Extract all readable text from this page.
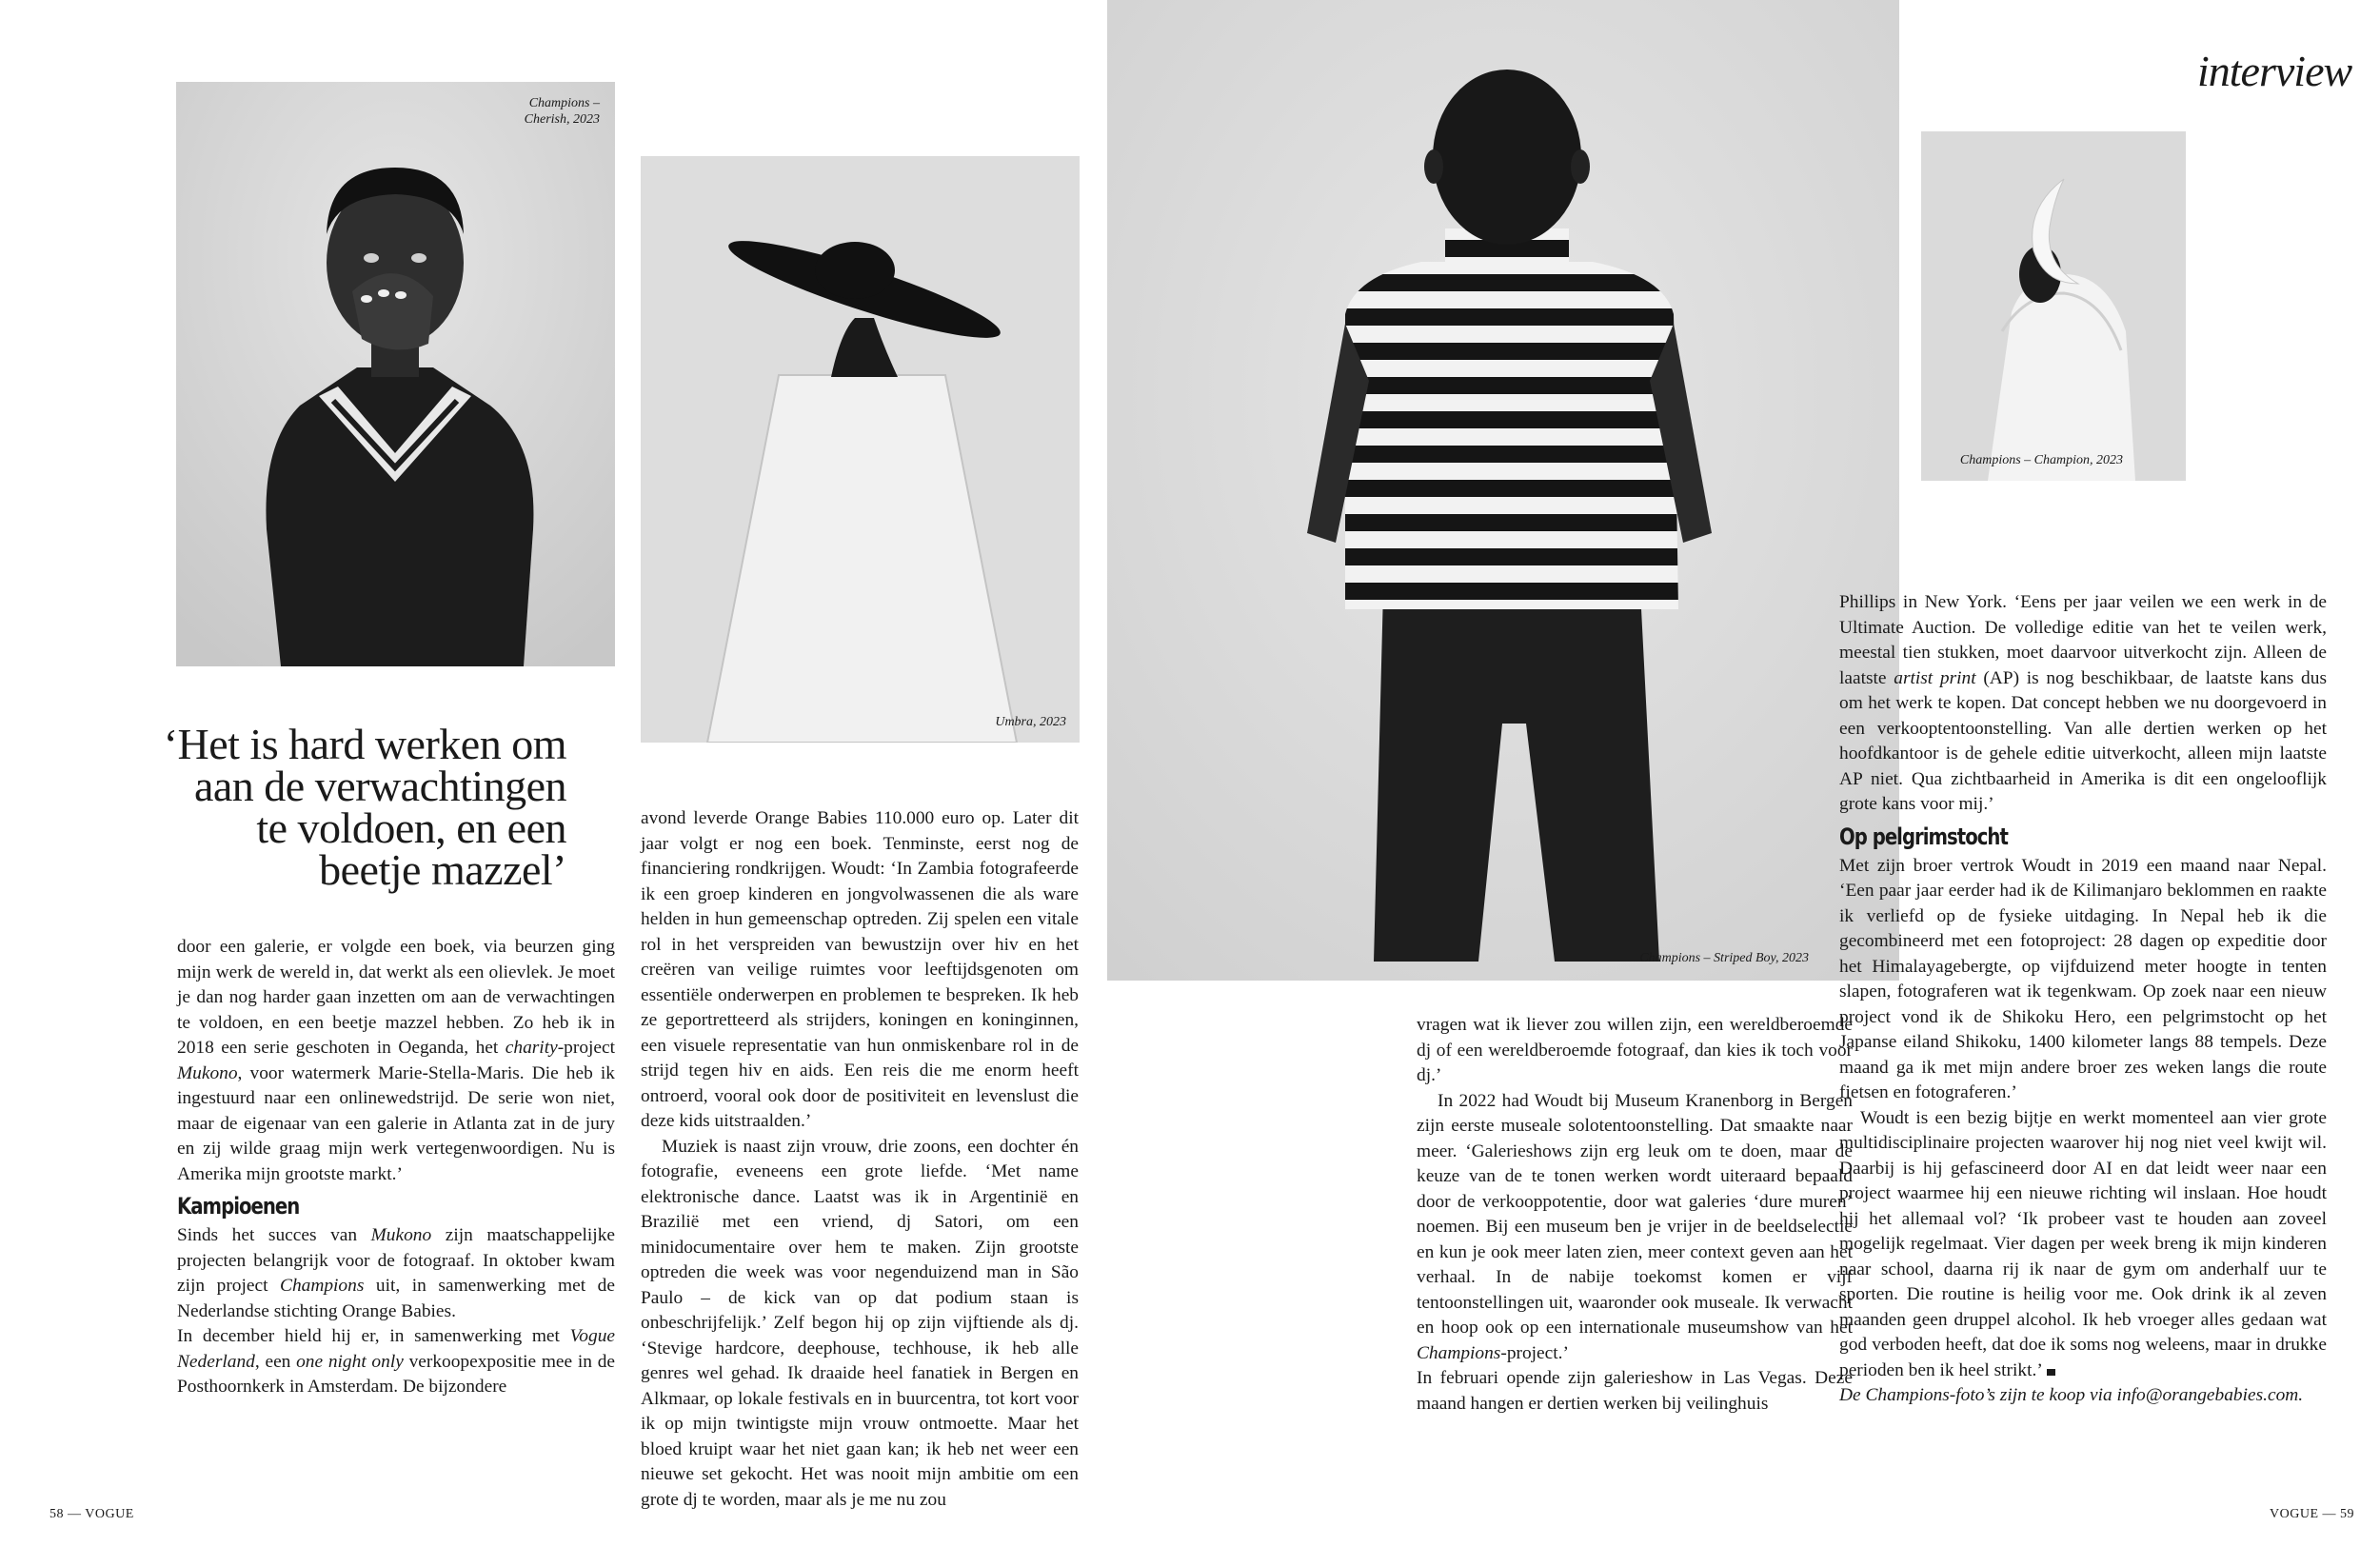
interview
Champions –
Cherish, 2023
Umbra, 2023
Champions – Striped Boy, 2023
Champions – Champion, 2023
‘Het is hard werken om
aan de verwachtingen
te voldoen, en een
beetje mazzel’

door een galerie, er volgde een boek, via beurzen ging mijn werk de wereld in, dat werkt als een olievlek. Je moet je dan nog harder gaan inzetten om aan de verwachtingen te voldoen, en een beetje mazzel hebben. Zo heb ik in 2018 een serie geschoten in Oeganda, het charity-project Mukono, voor watermerk Marie-Stella-Maris. Die heb ik ingestuurd naar een onlinewedstrijd. De serie won niet, maar de eigenaar van een galerie in Atlanta zat in de jury en zij wilde graag mijn werk vertegenwoordigen. Nu is Amerika mijn grootste markt.’

Kampioenen

Sinds het succes van Mukono zijn maatschappelijke projecten belangrijk voor de fotograaf. In oktober kwam zijn project Champions uit, in samenwerking met de Nederlandse stichting Orange Babies.

In december hield hij er, in samenwerking met Vogue Nederland, een one night only verkoopexpositie mee in de Posthoornkerk in Amsterdam. De bijzondere

avond leverde Orange Babies 110.000 euro op. Later dit jaar volgt er nog een boek. Tenminste, eerst nog de financiering rondkrijgen. Woudt: ‘In Zambia fotografeerde ik een groep kinderen en jongvolwassenen die als ware helden in hun gemeenschap optreden. Zij spelen een vitale rol in het verspreiden van bewustzijn over hiv en het creëren van veilige ruimtes voor leeftijdsgenoten om essentiële onderwerpen en problemen te bespreken. Ik heb ze geportretteerd als strijders, koningen en koninginnen, een visuele representatie van hun onmiskenbare rol in de strijd tegen hiv en aids. Een reis die me enorm heeft ontroerd, vooral ook door de positiviteit en levenslust die deze kids uitstraalden.’

Muziek is naast zijn vrouw, drie zoons, een dochter én fotografie, eveneens een grote liefde. ‘Met name elektronische dance. Laatst was ik in Argentinië en Brazilië met een vriend, dj Satori, om een minidocumentaire over hem te maken. Zijn grootste optreden die week was voor negenduizend man in São Paulo – de kick van op dat podium staan is onbeschrijfelijk.’ Zelf begon hij op zijn vijftiende als dj. ‘Stevige hardcore, deephouse, techhouse, ik heb alle genres wel gehad. Ik draaide heel fanatiek in Bergen en Alkmaar, op lokale festivals en in buurcentra, tot kort voor ik op mijn twintigste mijn vrouw ontmoette. Maar het bloed kruipt waar het niet gaan kan; ik heb net weer een nieuwe set gekocht. Het was nooit mijn ambitie om een grote dj te worden, maar als je me nu zou

vragen wat ik liever zou willen zijn, een wereldberoemde dj of een wereldberoemde fotograaf, dan kies ik toch voor dj.’

In 2022 had Woudt bij Museum Kranenborg in Bergen zijn eerste museale solotentoonstelling. Dat smaakte naar meer. ‘Galerieshows zijn erg leuk om te doen, maar de keuze van de te tonen werken wordt uiteraard bepaald door de verkooppotentie, door wat galeries ‘dure muren’ noemen. Bij een museum ben je vrijer in de beeldselectie en kun je ook meer laten zien, meer context geven aan het verhaal. In de nabije toekomst komen er vijf tentoonstellingen uit, waaronder ook museale. Ik verwacht en hoop ook op een internationale museumshow van het Champions-project.’

In februari opende zijn galerieshow in Las Vegas. Deze maand hangen er dertien werken bij veilinghuis

Phillips in New York. ‘Eens per jaar veilen we een werk in de Ultimate Auction. De volledige editie van het te veilen werk, meestal tien stukken, moet daarvoor uitverkocht zijn. Alleen de laatste artist print (AP) is nog beschikbaar, de laatste kans dus om het werk te kopen. Dat concept hebben we nu doorgevoerd in een verkooptentoonstelling. Van alle dertien werken op het hoofdkantoor is de gehele editie uitverkocht, alleen mijn laatste AP niet. Qua zichtbaarheid in Amerika is dit een ongelooflijk grote kans voor mij.’

Op pelgrimstocht

Met zijn broer vertrok Woudt in 2019 een maand naar Nepal. ‘Een paar jaar eerder had ik de Kilimanjaro beklommen en raakte ik verliefd op de fysieke uitdaging. In Nepal heb ik die gecombineerd met een fotoproject: 28 dagen op expeditie door het Himalayagebergte, op vijfduizend meter hoogte in tenten slapen, fotograferen wat ik tegenkwam. Op zoek naar een nieuw project vond ik de Shikoku Hero, een pelgrimstocht op het Japanse eiland Shikoku, 1400 kilometer langs 88 tempels. Deze maand ga ik met mijn andere broer zes weken langs die route fietsen en fotograferen.’

Woudt is een bezig bijtje en werkt momenteel aan vier grote multidisciplinaire projecten waarover hij nog niet veel kwijt wil. Daarbij is hij gefascineerd door AI en dat leidt weer naar een project waarmee hij een nieuwe richting wil inslaan. Hoe houdt hij het allemaal vol? ‘Ik probeer vast te houden aan zoveel mogelijk regelmaat. Vier dagen per week breng ik mijn kinderen naar school, daarna rij ik naar de gym om anderhalf uur te sporten. Die routine is heilig voor me. Ook drink ik al zeven maanden geen druppel alcohol. Ik heb vroeger alles gedaan wat god verboden heeft, dat doe ik soms nog weleens, maar in drukke perioden ben ik heel strikt.’

De Champions-foto’s zijn te koop via info@orangebabies.com.

58 — VOGUE	VOGUE — 59
